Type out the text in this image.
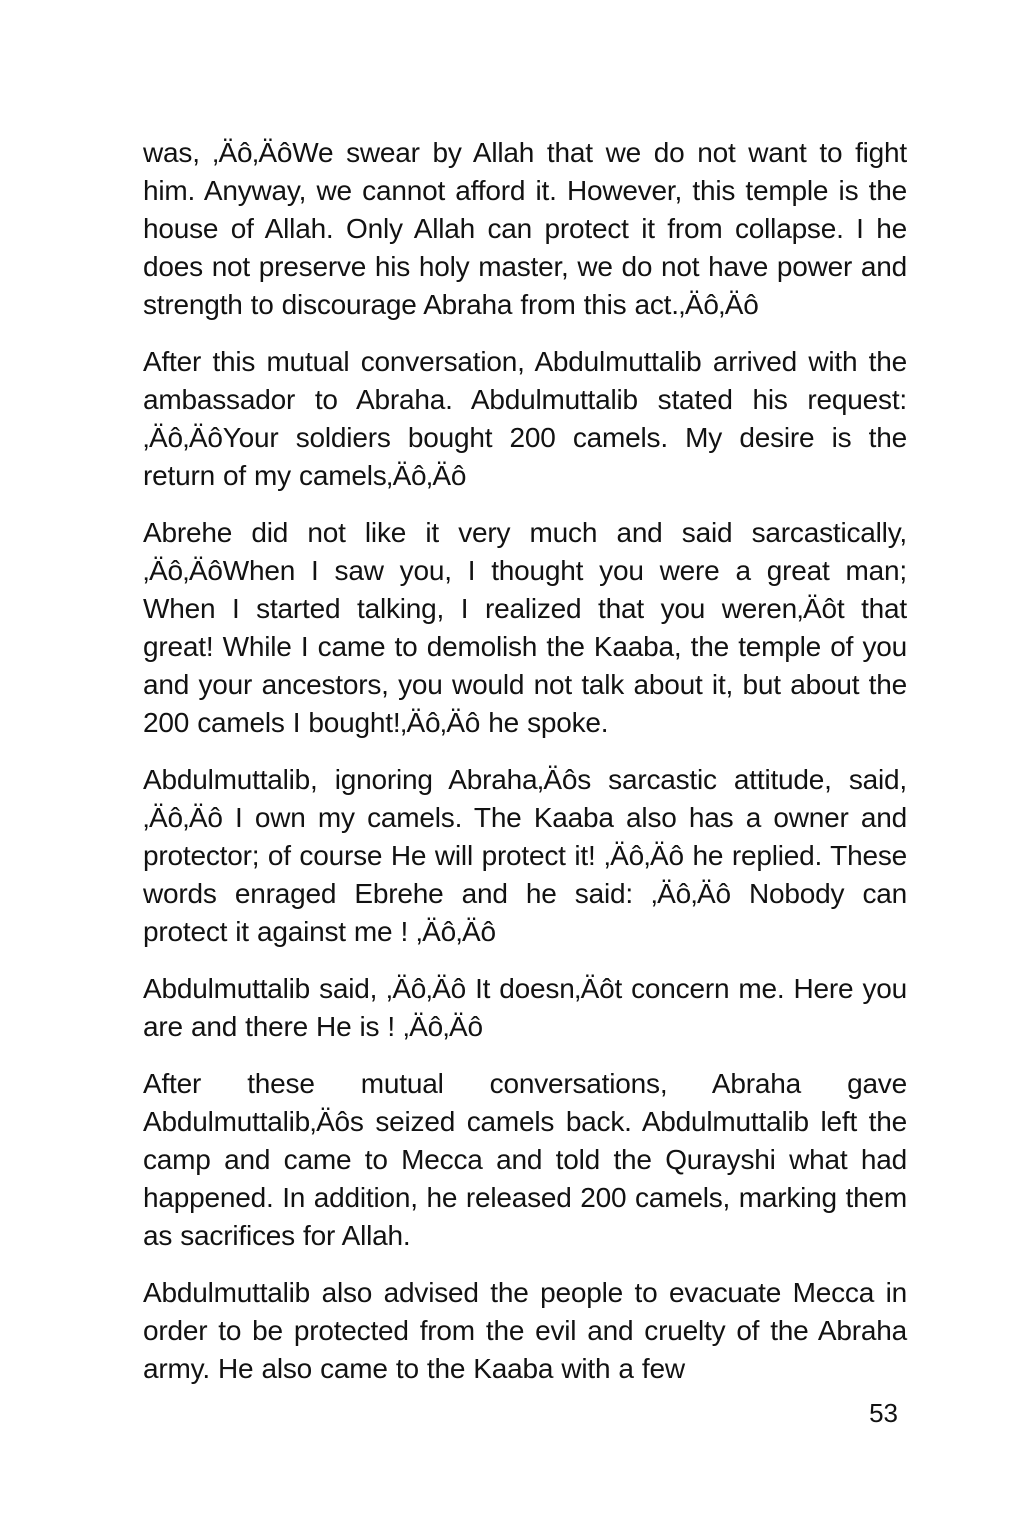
was, ‚Äô‚ÄôWe swear by Allah that we do not want to fight him. Anyway, we cannot afford it. However, this temple is the house of Allah. Only Allah can protect it from collapse. I he does not preserve his holy master, we do not have power and strength to discourage Abraha from this act.‚Äô‚Äô

After this mutual conversation, Abdulmuttalib arrived with the ambassador to Abraha. Abdulmuttalib stated his request: ‚Äô‚ÄôYour soldiers bought 200 camels. My desire is the return of my camels‚Äô‚Äô

Abrehe did not like it very much and said sarcastically, ‚Äô‚ÄôWhen I saw you, I thought you were a great man; When I started talking, I realized that you weren‚Äôt that great! While I came to demolish the Kaaba, the temple of you and your ancestors, you would not talk about it, but about the 200 camels I bought!‚Äô‚Äô he spoke.

Abdulmuttalib, ignoring Abraha‚Äôs sarcastic attitude, said, ‚Äô‚Äô I own my camels. The Kaaba also has a owner and protector; of course He will protect it! ‚Äô‚Äô he replied. These words enraged Ebrehe and he said: ‚Äô‚Äô Nobody can protect it against me ! ‚Äô‚Äô

Abdulmuttalib said, ‚Äô‚Äô It doesn‚Äôt concern me. Here you are and there He is ! ‚Äô‚Äô

After these mutual conversations, Abraha gave Abdulmuttalib‚Äôs seized camels back. Abdulmuttalib left the camp and came to Mecca and told the Qurayshi what had happened. In addition, he released 200 camels, marking them as sacrifices for Allah.

Abdulmuttalib also advised the people to evacuate Mecca in order to be protected from the evil and cruelty of the Abraha army. He also came to the Kaaba with a few

53
